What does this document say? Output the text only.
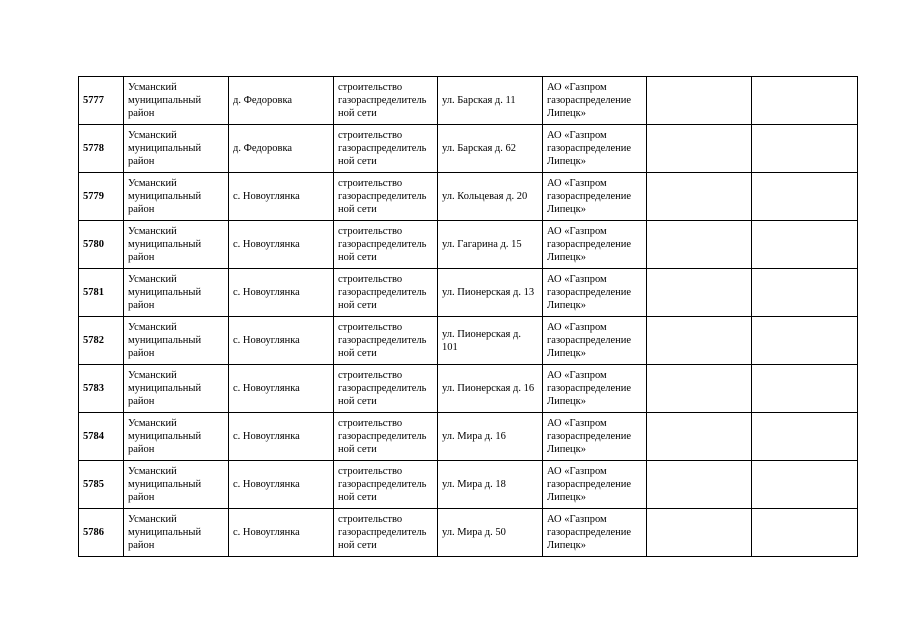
5777	Усманский муниципальный район	д. Федоровка	строительство газораспределитель ной сети	ул. Барская д. 11	АО «Газпром газораспределение Липецк»		
5778	Усманский муниципальный район	д. Федоровка	строительство газораспределитель ной сети	ул. Барская д. 62	АО «Газпром газораспределение Липецк»		
5779	Усманский муниципальный район	с. Новоуглянка	строительство газораспределитель ной сети	ул. Кольцевая д. 20	АО «Газпром газораспределение Липецк»		
5780	Усманский муниципальный район	с. Новоуглянка	строительство газораспределитель ной сети	ул. Гагарина д. 15	АО «Газпром газораспределение Липецк»		
5781	Усманский муниципальный район	с. Новоуглянка	строительство газораспределитель ной сети	ул. Пионерская д. 13	АО «Газпром газораспределение Липецк»		
5782	Усманский муниципальный район	с. Новоуглянка	строительство газораспределитель ной сети	ул. Пионерская д. 101	АО «Газпром газораспределение Липецк»		
5783	Усманский муниципальный район	с. Новоуглянка	строительство газораспределитель ной сети	ул. Пионерская д. 16	АО «Газпром газораспределение Липецк»		
5784	Усманский муниципальный район	с. Новоуглянка	строительство газораспределитель ной сети	ул. Мира д. 16	АО «Газпром газораспределение Липецк»		
5785	Усманский муниципальный район	с. Новоуглянка	строительство газораспределитель ной сети	ул. Мира д. 18	АО «Газпром газораспределение Липецк»		
5786	Усманский муниципальный район	с. Новоуглянка	строительство газораспределитель ной сети	ул. Мира д. 50	АО «Газпром газораспределение Липецк»		
